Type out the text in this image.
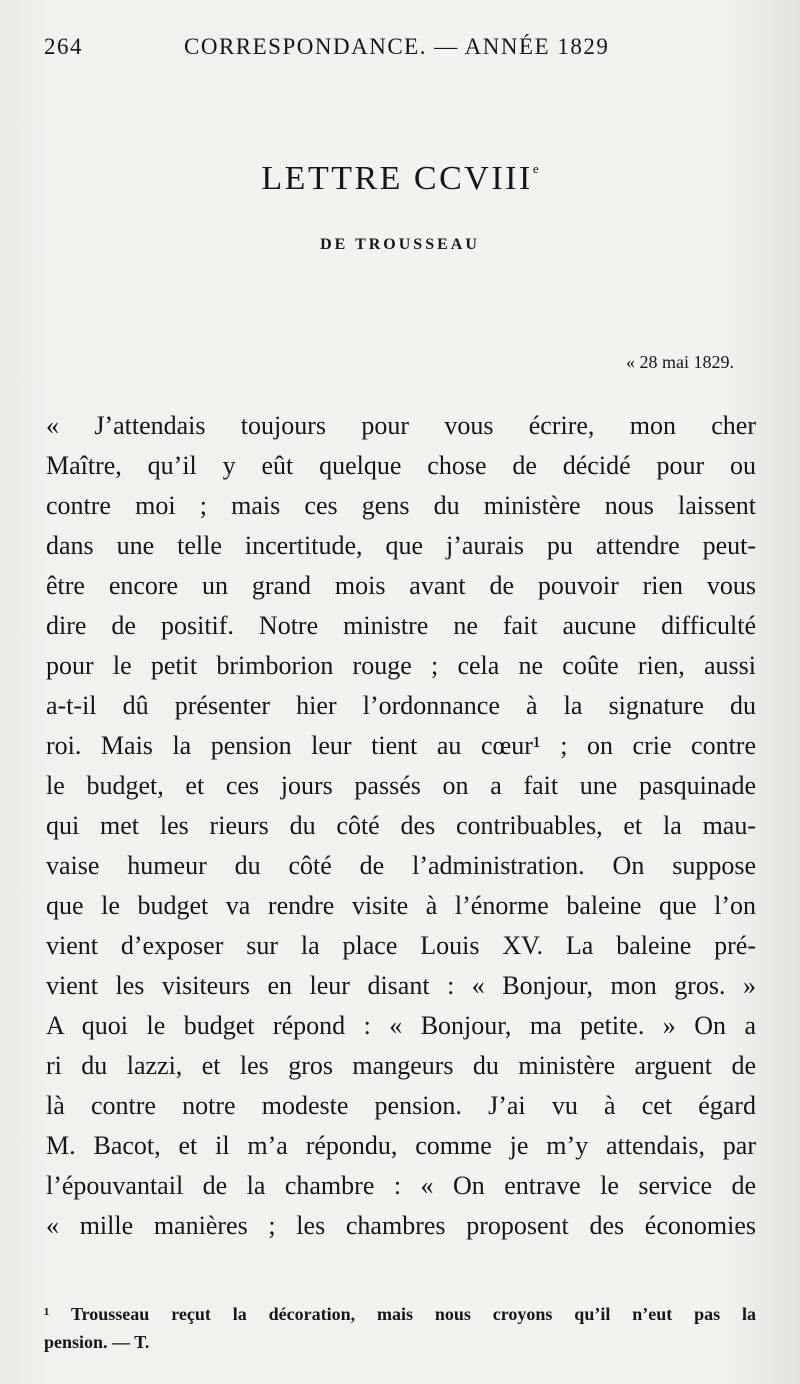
264	CORRESPONDANCE. — ANNÉE 1829
LETTRE CCVIIIe
DE TROUSSEAU
« 28 mai 1829.
« J’attendais toujours pour vous écrire, mon cher
Maître, qu’il y eût quelque chose de décidé pour ou
contre moi ; mais ces gens du ministère nous laissent
dans une telle incertitude, que j’aurais pu attendre peut-
être encore un grand mois avant de pouvoir rien vous
dire de positif. Notre ministre ne fait aucune difficulté
pour le petit brimborion rouge ; cela ne coûte rien, aussi
a-t-il dû présenter hier l’ordonnance à la signature du
roi. Mais la pension leur tient au cœur¹ ; on crie contre
le budget, et ces jours passés on a fait une pasquinade
qui met les rieurs du côté des contribuables, et la mau-
vaise humeur du côté de l’administration. On suppose
que le budget va rendre visite à l’énorme baleine que l’on
vient d’exposer sur la place Louis XV. La baleine pré-
vient les visiteurs en leur disant : « Bonjour, mon gros. »
A quoi le budget répond : « Bonjour, ma petite. » On a
ri du lazzi, et les gros mangeurs du ministère arguent de
là contre notre modeste pension. J’ai vu à cet égard
M. Bacot, et il m’a répondu, comme je m’y attendais, par
l’épouvantail de la chambre : « On entrave le service de
« mille manières ; les chambres proposent des économies
¹ Trousseau reçut la décoration, mais nous croyons qu’il n’eut pas la
pension. — T.
